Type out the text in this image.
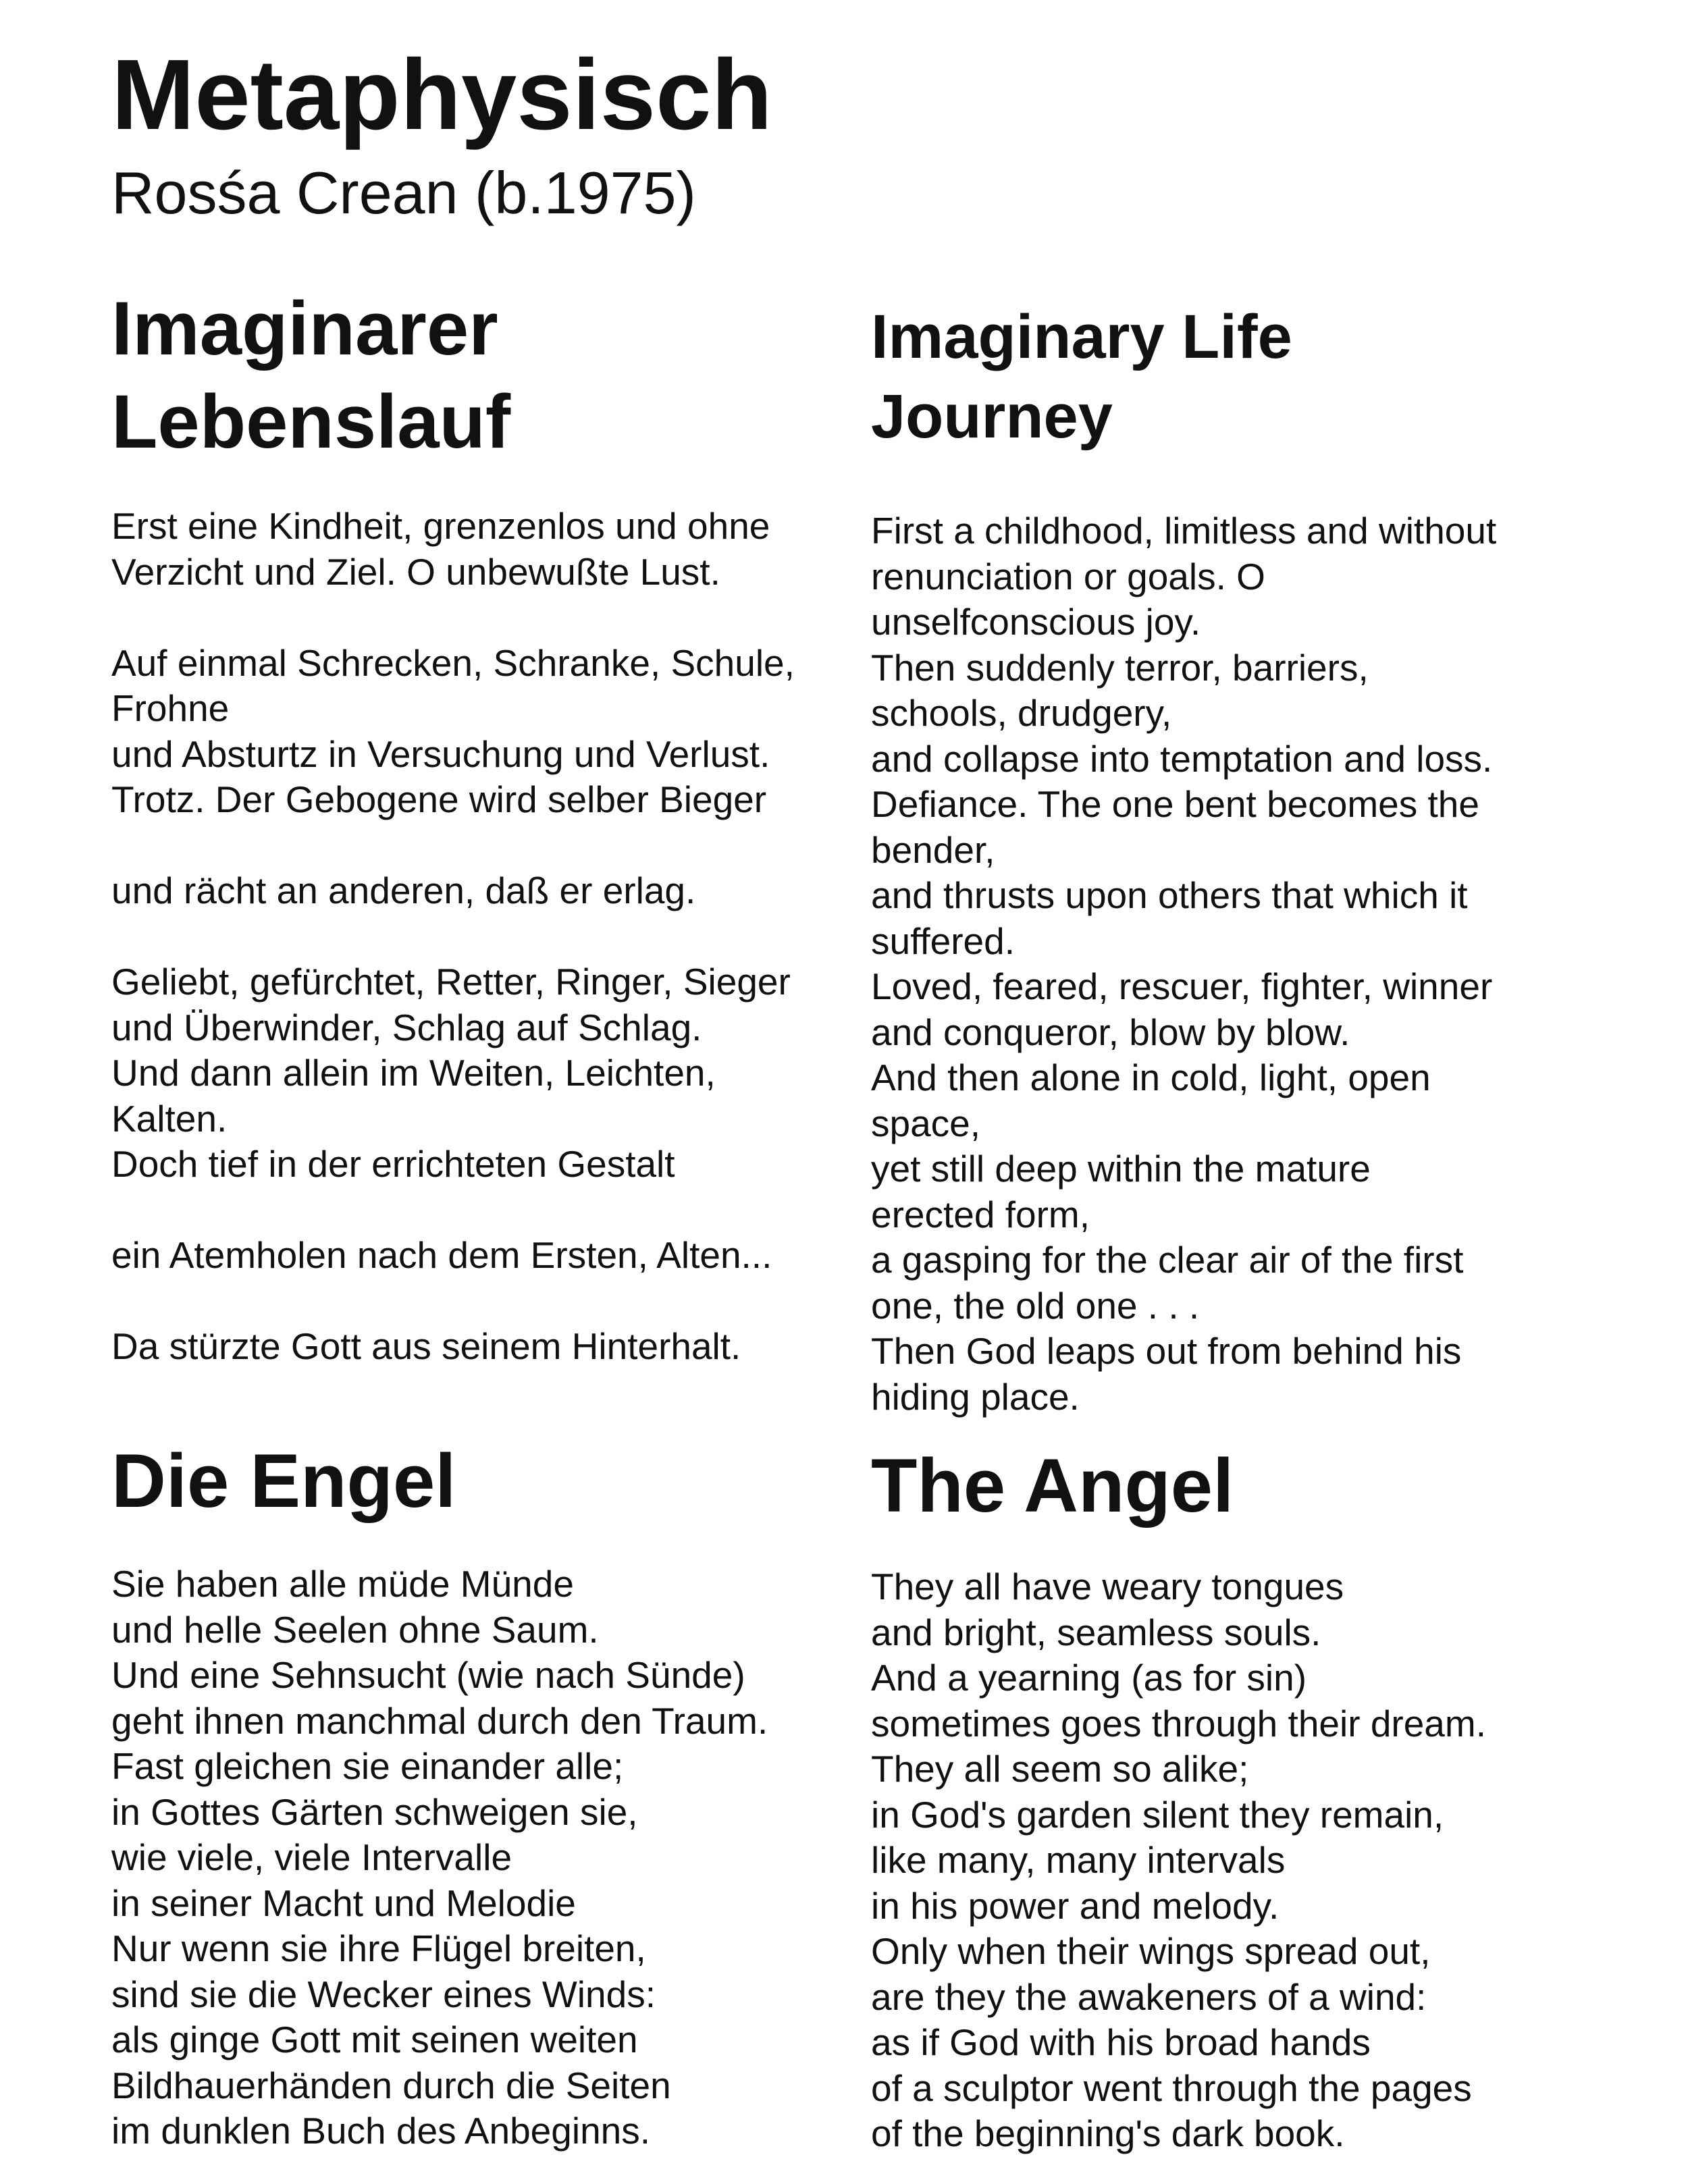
Metaphysisch
Rosśa Crean (b.1975)
Imaginarer
Lebenslauf
Erst eine Kindheit, grenzenlos und ohne
Verzicht und Ziel. O unbewußte Lust.
Auf einmal Schrecken, Schranke, Schule,
Frohne
und Absturtz in Versuchung und Verlust.
Trotz. Der Gebogene wird selber Bieger
und rächt an anderen, daß er erlag.
Geliebt, gefürchtet, Retter, Ringer, Sieger
und Überwinder, Schlag auf Schlag.
Und dann allein im Weiten, Leichten,
Kalten.
Doch tief in der errichteten Gestalt
ein Atemholen nach dem Ersten, Alten...
Da stürzte Gott aus seinem Hinterhalt.
Imaginary Life
Journey
First a childhood, limitless and without
renunciation or goals. O
unselfconscious joy.
Then suddenly terror, barriers,
schools, drudgery,
and collapse into temptation and loss.
Defiance. The one bent becomes the
bender,
and thrusts upon others that which it
suffered.
Loved, feared, rescuer, fighter, winner
and conqueror, blow by blow.
And then alone in cold, light, open
space,
yet still deep within the mature
erected form,
a gasping for the clear air of the first
one, the old one . . .
Then God leaps out from behind his
hiding place.
Die Engel
Sie haben alle müde Münde
und helle Seelen ohne Saum.
Und eine Sehnsucht (wie nach Sünde)
geht ihnen manchmal durch den Traum.
Fast gleichen sie einander alle;
in Gottes Gärten schweigen sie,
wie viele, viele Intervalle
in seiner Macht und Melodie
Nur wenn sie ihre Flügel breiten,
sind sie die Wecker eines Winds:
als ginge Gott mit seinen weiten
Bildhauerhänden durch die Seiten
im dunklen Buch des Anbeginns.
The Angel
They all have weary tongues
and bright, seamless souls.
And a yearning (as for sin)
sometimes goes through their dream.
They all seem so alike;
in God's garden silent they remain,
like many, many intervals
in his power and melody.
Only when their wings spread out,
are they the awakeners of a wind:
as if God with his broad hands
of a sculptor went through the pages
of the beginning's dark book.
